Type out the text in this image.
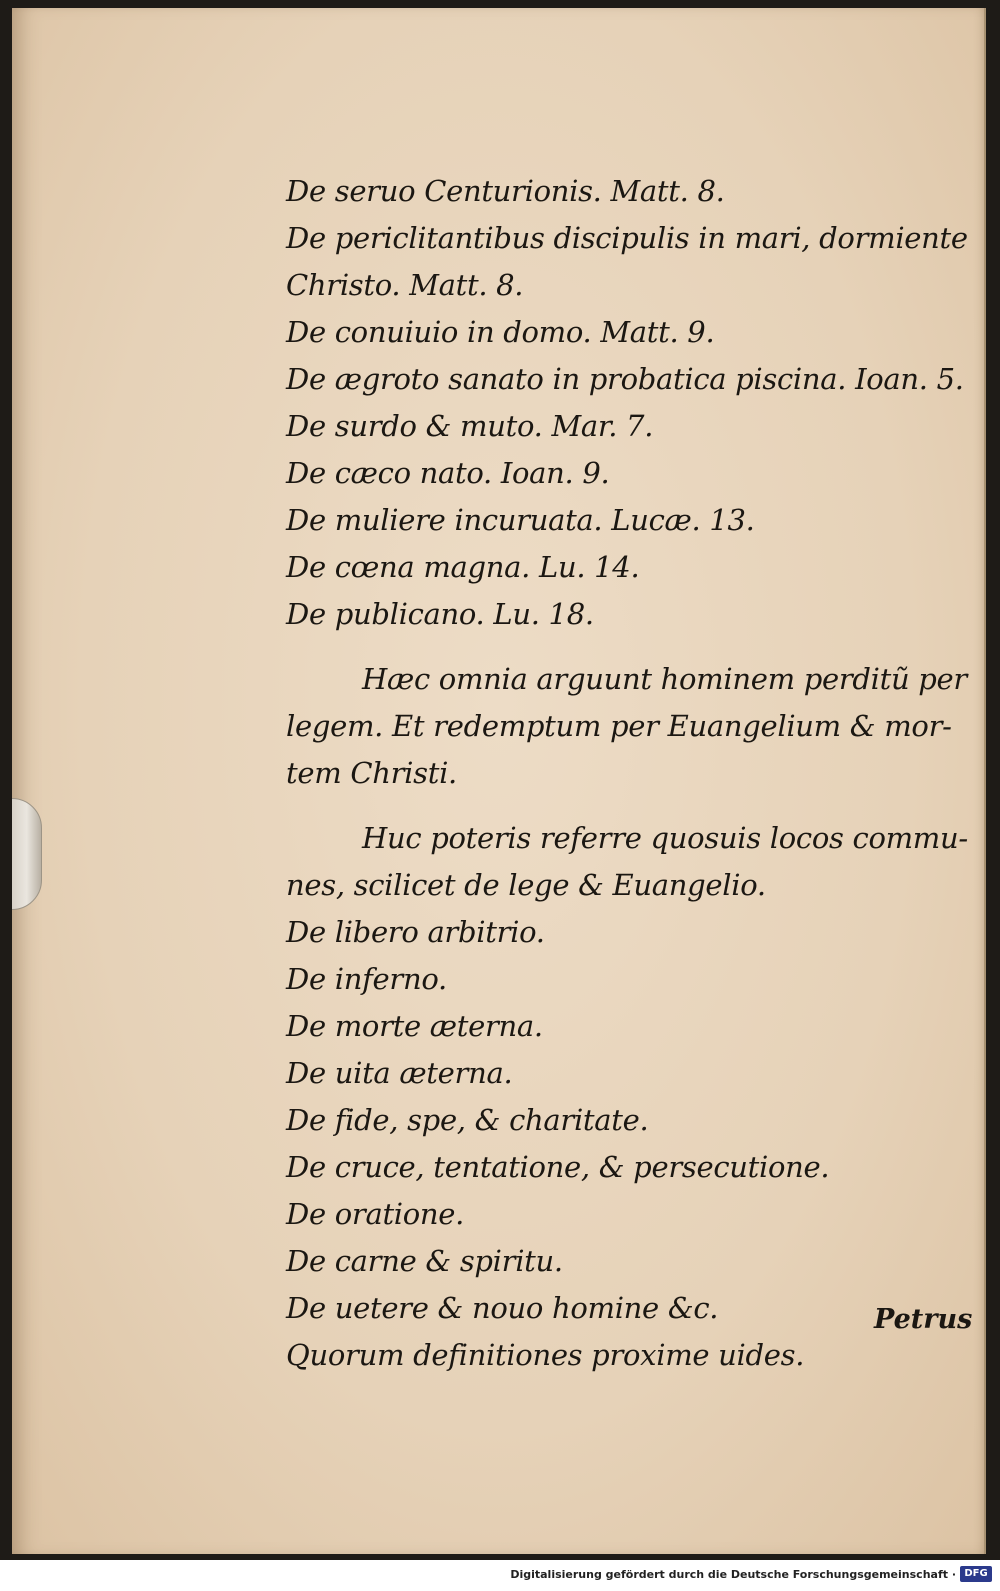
De seruo Centurionis. Matt. 8.
De periclitantibus discipulis in mari, dormiente
Christo. Matt. 8.
De conuiuio in domo. Matt. 9.
De ægroto sanato in probatica piscina. Ioan. 5.
De surdo & muto. Mar. 7.
De cæco nato. Ioan. 9.
De muliere incuruata. Lucæ. 13.
De cœna magna. Lu. 14.
De publicano. Lu. 18.
Hæc omnia arguunt hominem perditũ per
legem. Et redemptum per Euangelium & mor-
tem Christi.
Huc poteris referre quosuis locos commu-
nes, scilicet de lege & Euangelio.
De libero arbitrio.
De inferno.
De morte æterna.
De uita æterna.
De fide, spe, & charitate.
De cruce, tentatione, & persecutione.
De oratione.
De carne & spiritu.
De uetere & nouo homine &c.
Quorum definitiones proxime uides.
Petrus
Digitalisierung gefördert durch die Deutsche Forschungsgemeinschaft · DFG
